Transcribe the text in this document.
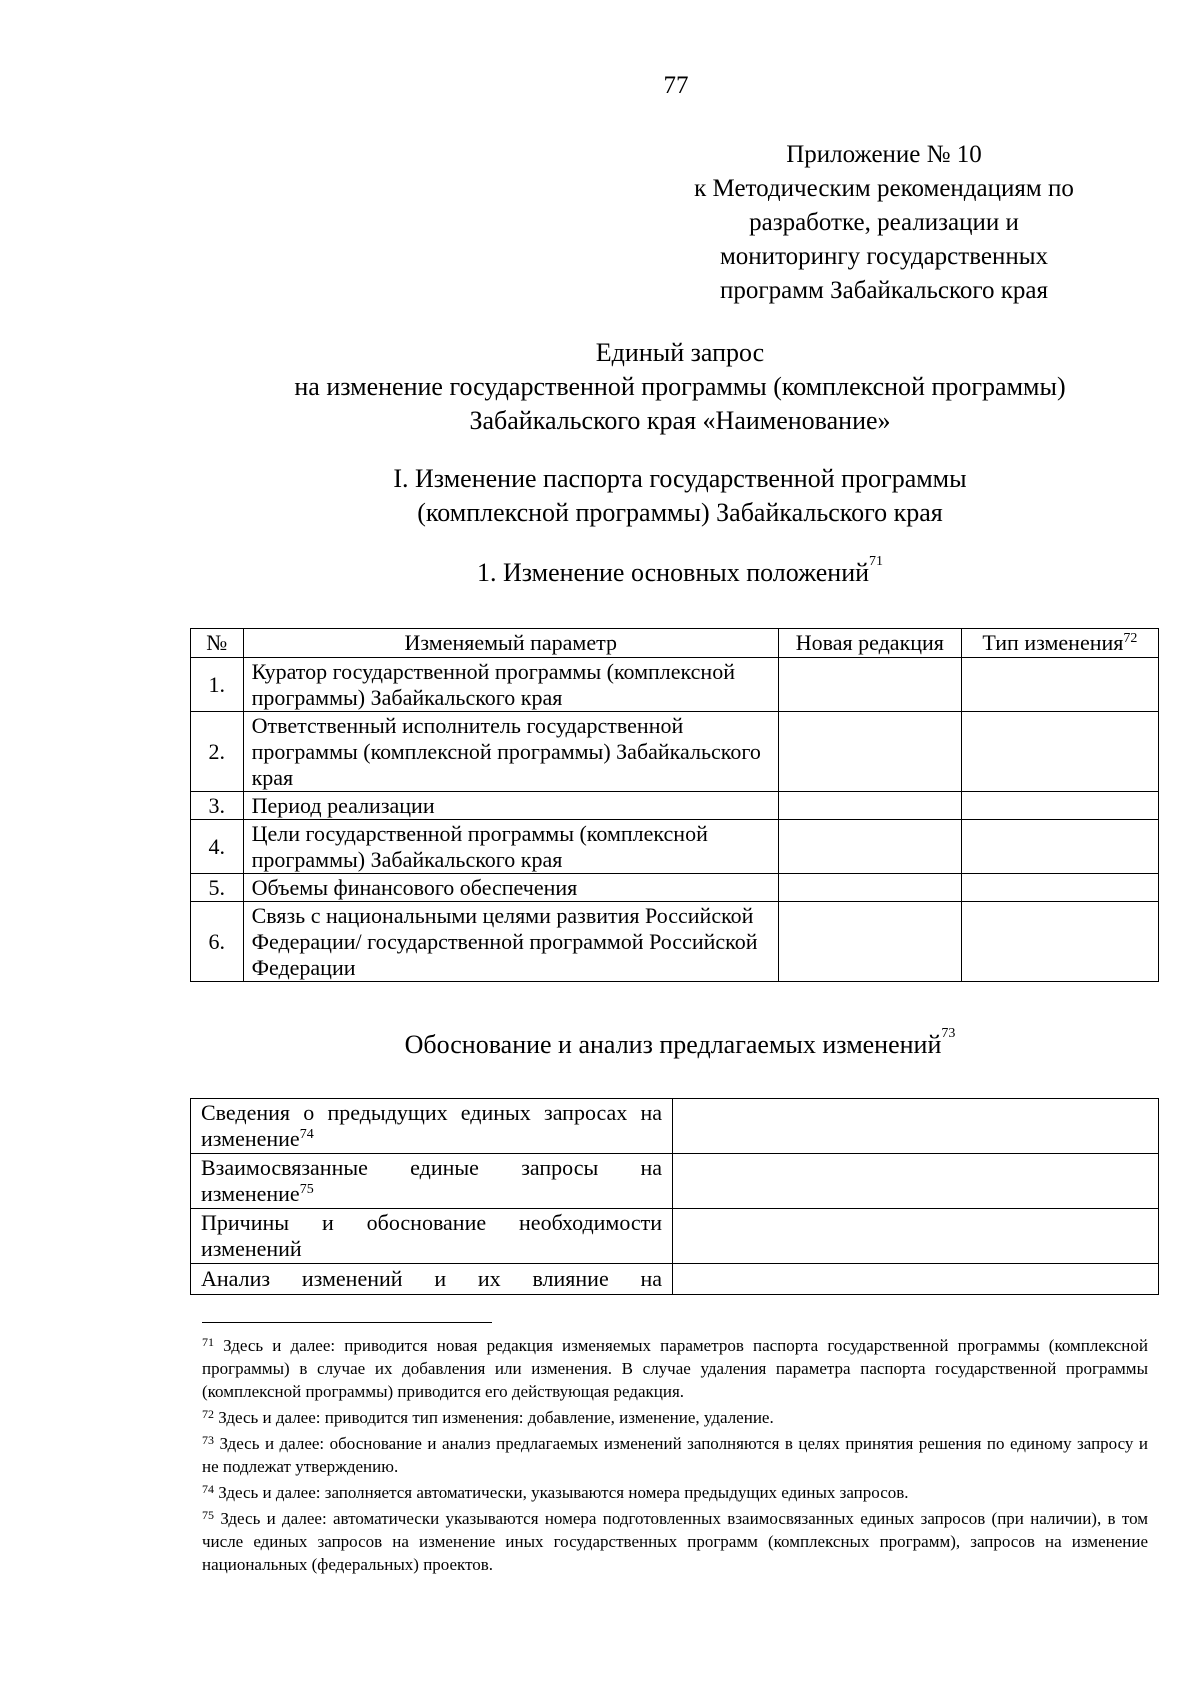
77
Приложение № 10
к Методическим рекомендациям по
разработке, реализации и
мониторингу государственных
программ Забайкальского края
Единый запрос
на изменение государственной программы (комплексной программы)
Забайкальского края «Наименование»
I. Изменение паспорта государственной программы
(комплексной программы) Забайкальского края
1. Изменение основных положений$^{71}$
№	Изменяемый параметр	Новая редакция	Тип изменения$^{72}$
1.	Куратор государственной программы (комплексной программы) Забайкальского края		
2.	Ответственный исполнитель государственной программы (комплексной программы) Забайкальского края		
3.	Период реализации		
4.	Цели государственной программы (комплексной программы) Забайкальского края		
5.	Объемы финансового обеспечения		
6.	Связь с национальными целями развития Российской Федерации/ государственной программой Российской Федерации		
Обоснование и анализ предлагаемых изменений$^{73}$
Сведения о предыдущих единых запросах на изменение$^{74}$	
Взаимосвязанные единые запросы на изменение$^{75}$	
Причины и обоснование необходимости изменений	
Анализ изменений и их влияние на	

$^{71}$ Здесь и далее: приводится новая редакция изменяемых параметров паспорта государственной программы (комплексной программы) в случае их добавления или изменения. В случае удаления параметра паспорта государственной программы (комплексной программы) приводится его действующая редакция.

$^{72}$ Здесь и далее: приводится тип изменения: добавление, изменение, удаление.

$^{73}$ Здесь и далее: обоснование и анализ предлагаемых изменений заполняются в целях принятия решения по единому запросу и не подлежат утверждению.

$^{74}$ Здесь и далее: заполняется автоматически, указываются номера предыдущих единых запросов.

$^{75}$ Здесь и далее: автоматически указываются номера подготовленных взаимосвязанных единых запросов (при наличии), в том числе единых запросов на изменение иных государственных программ (комплексных программ), запросов на изменение национальных (федеральных) проектов.
